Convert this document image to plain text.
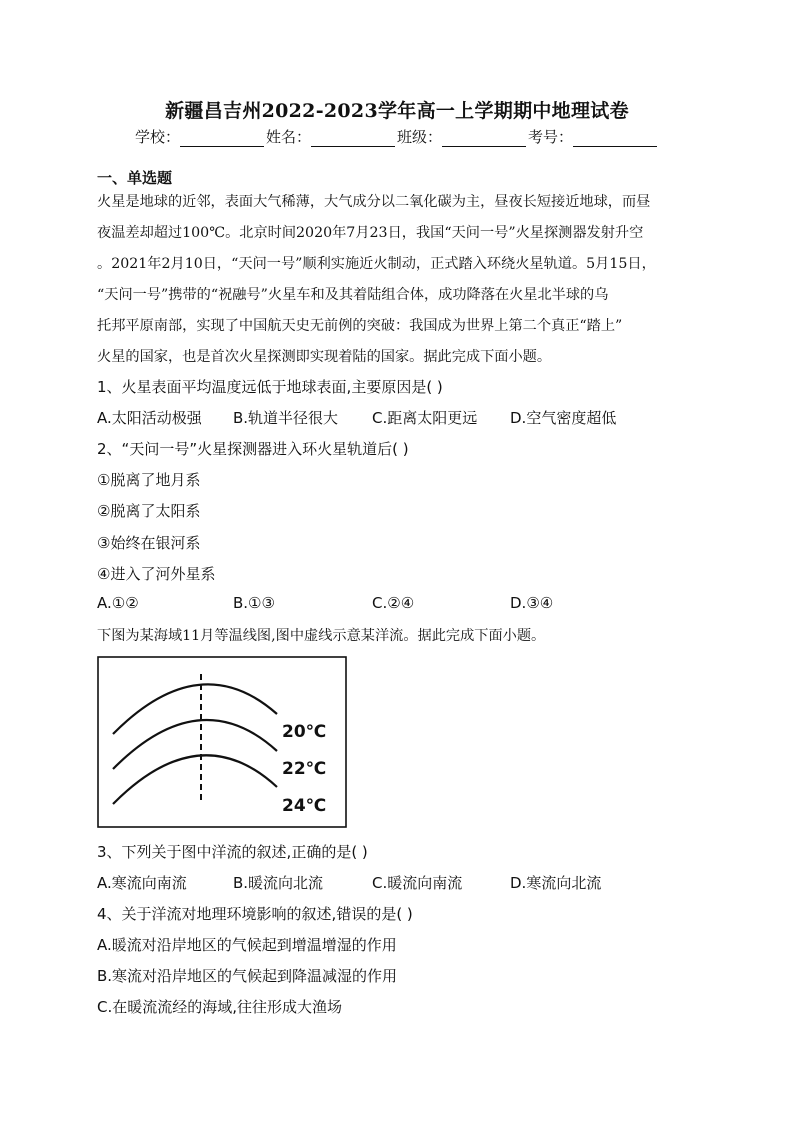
新疆昌吉州2022-2023学年高一上学期期中地理试卷
学校：	姓名：	班级：	考号：
一、单选题
火星是地球的近邻，表面大气稀薄，大气成分以二氧化碳为主，昼夜长短接近地球，而昼
夜温差却超过100℃。北京时间2020年7月23日，我国“天问一号”火星探测器发射升空
。2021年2月10日，“天问一号”顺利实施近火制动，正式踏入环绕火星轨道。5月15日，
“天问一号”携带的“祝融号”火星车和及其着陆组合体，成功降落在火星北半球的乌
托邦平原南部，实现了中国航天史无前例的突破：我国成为世界上第二个真正“踏上”
火星的国家，也是首次火星探测即实现着陆的国家。据此完成下面小题。
1、火星表面平均温度远低于地球表面,主要原因是( )
A.太阳活动极强 B.轨道半径很大 C.距离太阳更远 D.空气密度超低
2、“天问一号”火星探测器进入环火星轨道后( )
①脱离了地月系
②脱离了太阳系
③始终在银河系
④进入了河外星系
A.①②	B.①③	C.②④	D.③④
下图为某海域11月等温线图,图中虚线示意某洋流。据此完成下面小题。
20℃
22℃
24℃
3、下列关于图中洋流的叙述,正确的是( )
A.寒流向南流	B.暖流向北流	C.暖流向南流	D.寒流向北流
4、关于洋流对地理环境影响的叙述,错误的是( )
A.暖流对沿岸地区的气候起到增温增湿的作用
B.寒流对沿岸地区的气候起到降温减湿的作用
C.在暖流流经的海域,往往形成大渔场
